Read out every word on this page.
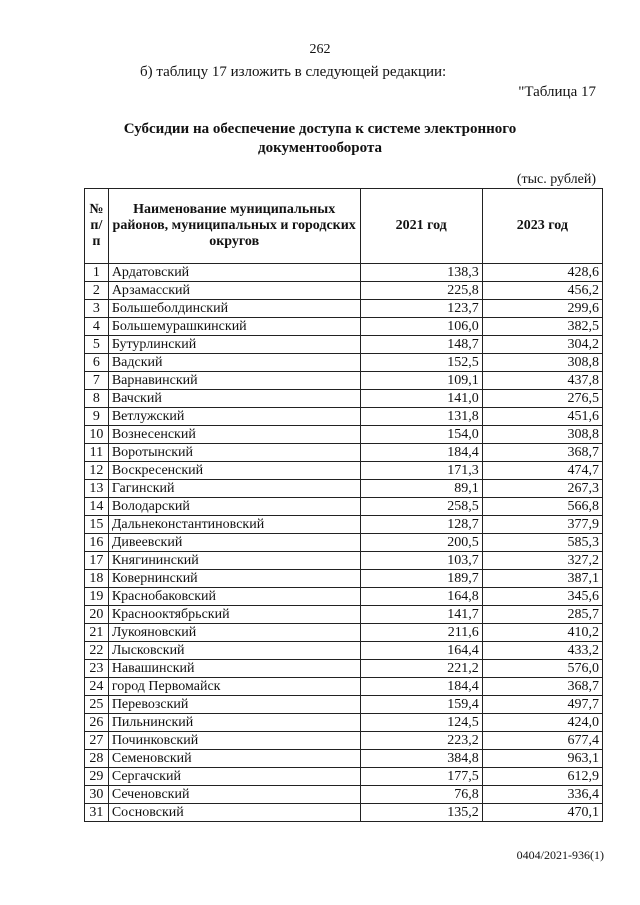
262
б) таблицу 17 изложить в следующей редакции:
"Таблица 17
Субсидии на обеспечение доступа к системе электронного
документооборота
(тыс. рублей)
№ п/п	Наименование муниципальных районов, муниципальных и городских округов	2021 год	2023 год
1	Ардатовский	138,3	428,6
2	Арзамасский	225,8	456,2
3	Большеболдинский	123,7	299,6
4	Большемурашкинский	106,0	382,5
5	Бутурлинский	148,7	304,2
6	Вадский	152,5	308,8
7	Варнавинский	109,1	437,8
8	Вачский	141,0	276,5
9	Ветлужский	131,8	451,6
10	Вознесенский	154,0	308,8
11	Воротынский	184,4	368,7
12	Воскресенский	171,3	474,7
13	Гагинский	89,1	267,3
14	Володарский	258,5	566,8
15	Дальнеконстантиновский	128,7	377,9
16	Дивеевский	200,5	585,3
17	Княгининский	103,7	327,2
18	Ковернинский	189,7	387,1
19	Краснобаковский	164,8	345,6
20	Краснооктябрьский	141,7	285,7
21	Лукояновский	211,6	410,2
22	Лысковский	164,4	433,2
23	Навашинский	221,2	576,0
24	город Первомайск	184,4	368,7
25	Перевозский	159,4	497,7
26	Пильнинский	124,5	424,0
27	Починковский	223,2	677,4
28	Семеновский	384,8	963,1
29	Сергачский	177,5	612,9
30	Сеченовский	76,8	336,4
31	Сосновский	135,2	470,1
0404/2021-936(1)
